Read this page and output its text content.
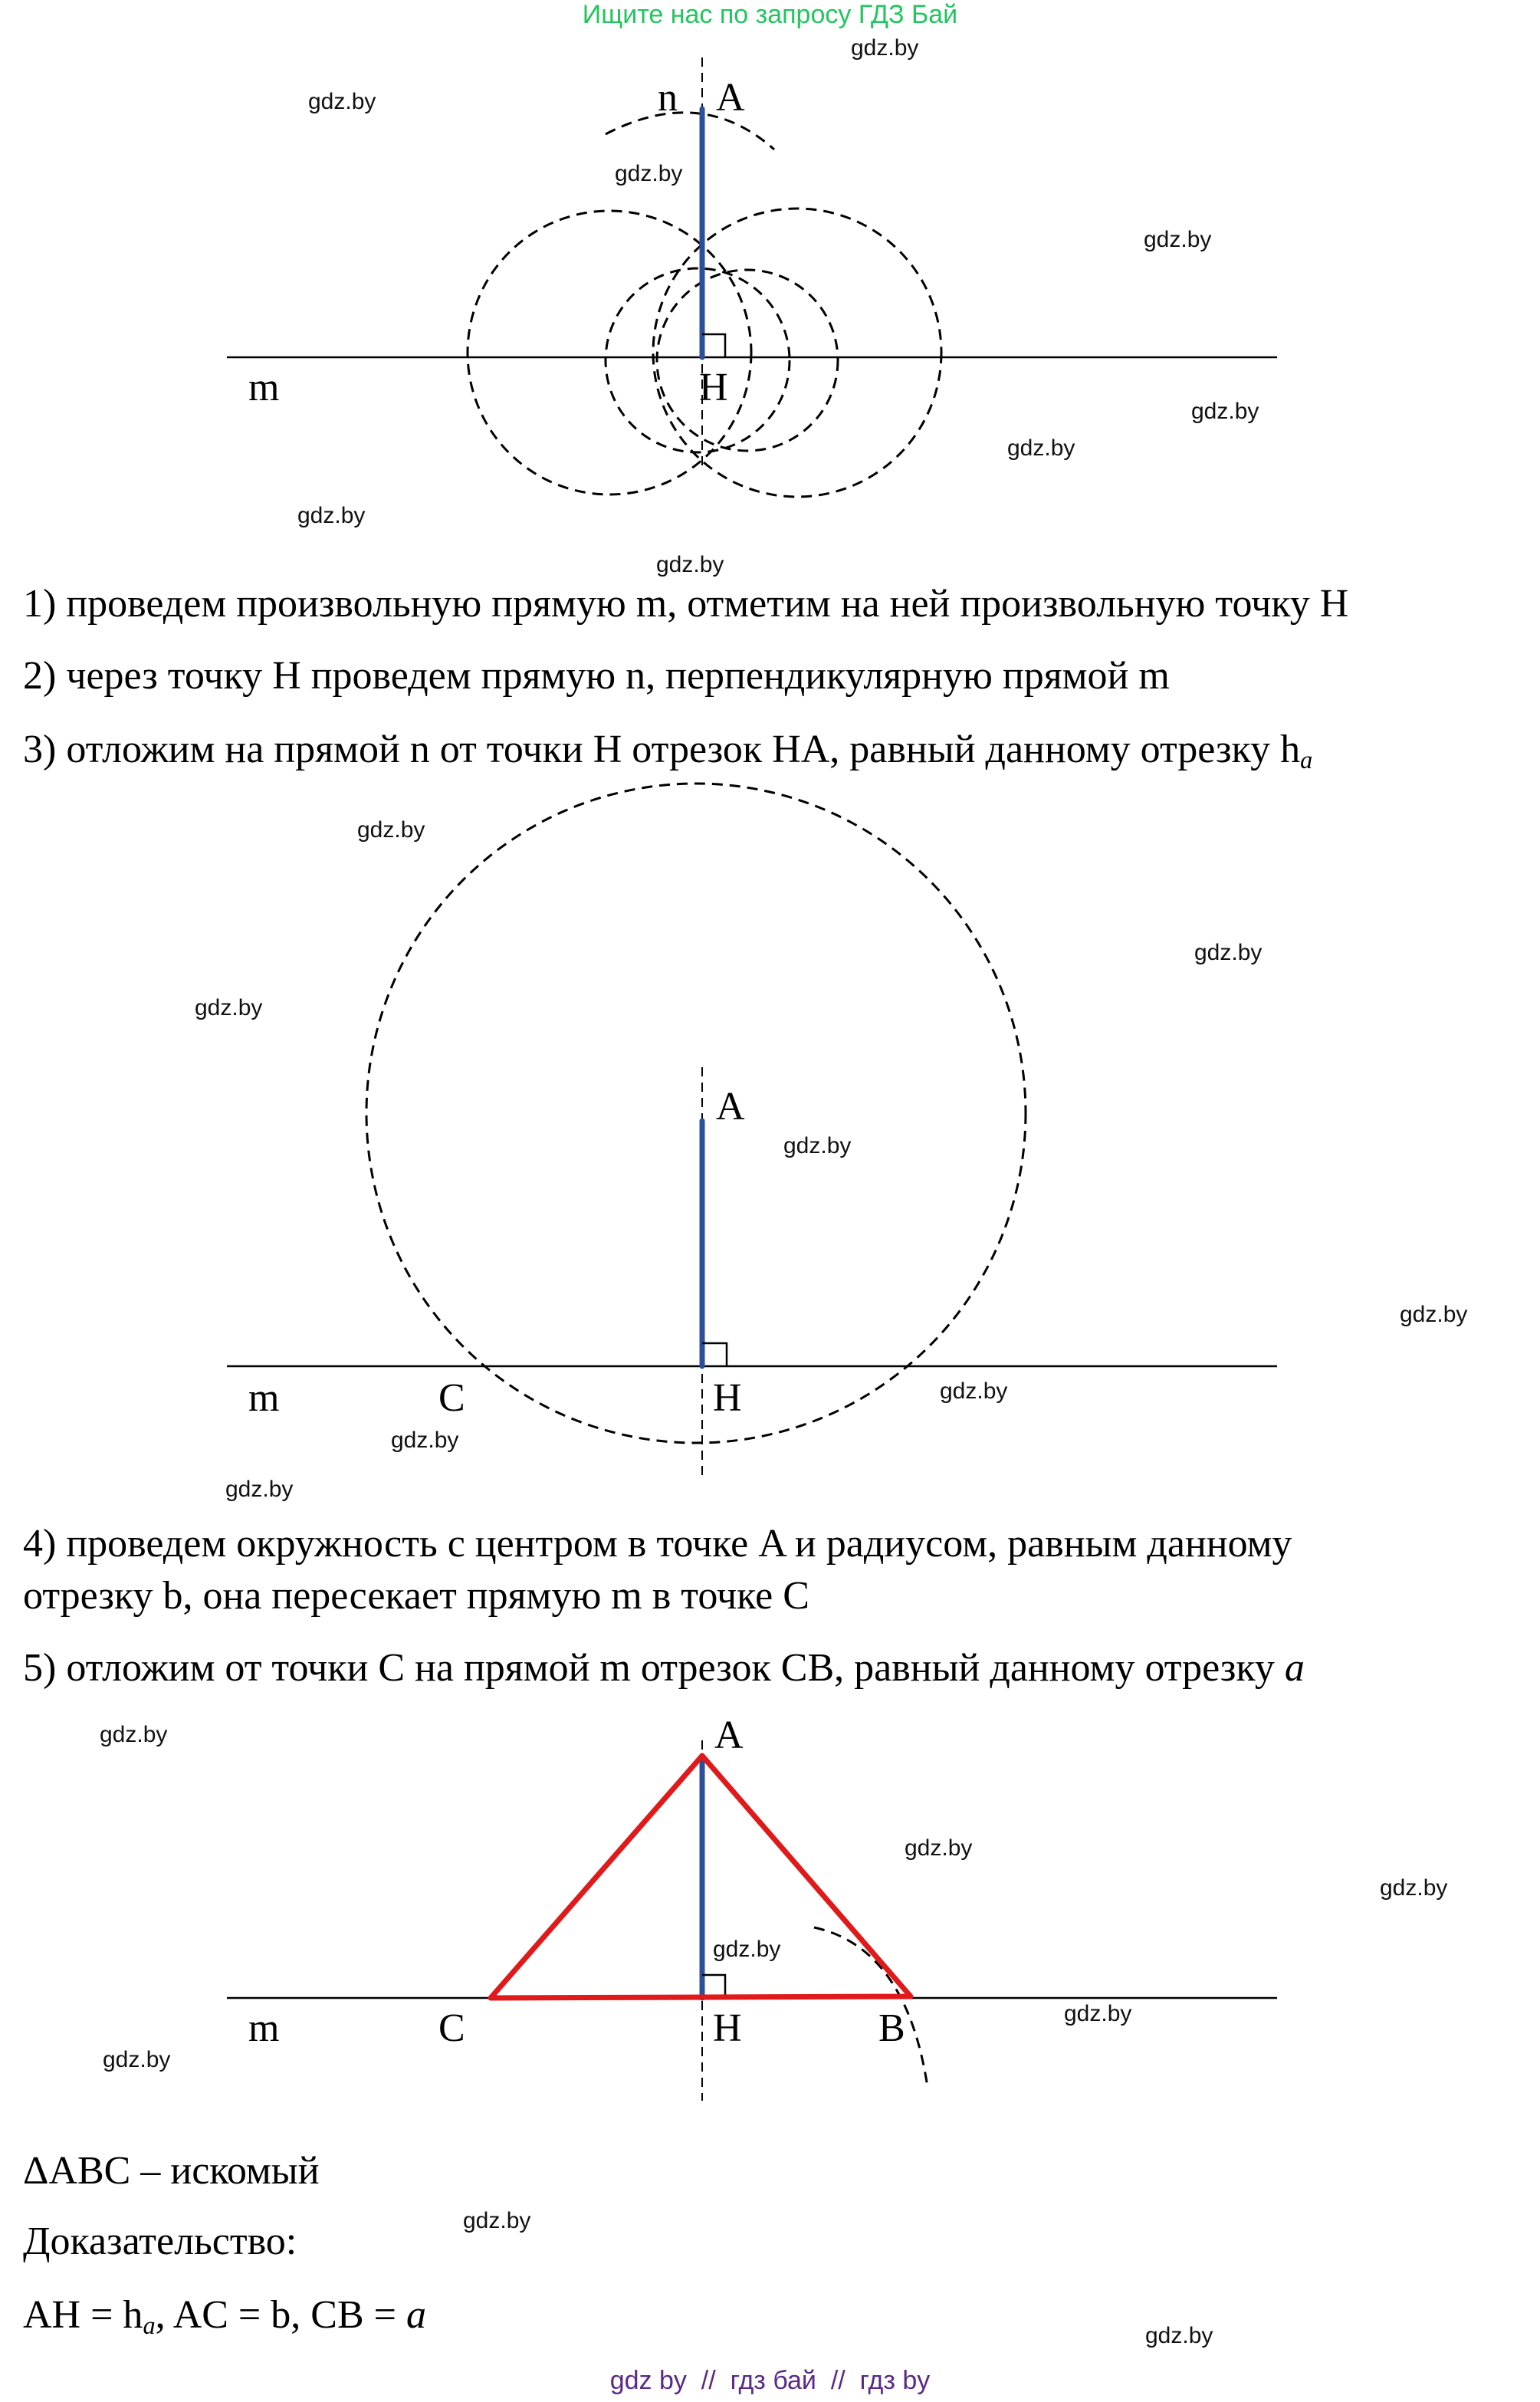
Ищите нас по запросу ГДЗ Бай
n A
m	H
gdz.by
gdz.by
gdz.by
gdz.by
gdz.by
gdz.by
gdz.by
gdz.by
1) проведем произвольную прямую m, отметим на ней произвольную точку H
2) через точку H проведем прямую n, перпендикулярную прямой m
3) отложим на прямой n от точки H отрезок HA, равный данному отрезку $h_a$
A
m	C	H
gdz.by
gdz.by
gdz.by
gdz.by
gdz.by
gdz.by
gdz.by
gdz.by
4) проведем окружность с центром в точке A и радиусом, равным данному
отрезку b, она пересекает прямую m в точке C
5) отложим от точки C на прямой m отрезок CB, равный данному отрезку a
A
m	C	H	B
gdz.by
gdz.by
gdz.by
gdz.by
gdz.by
gdz.by
ΔABC – искомый
Доказательство:
AH = $h_a$, AC = b, CB = a
gdz.by
gdz.by
gdz by  //  гдз бай  //  гдз by
